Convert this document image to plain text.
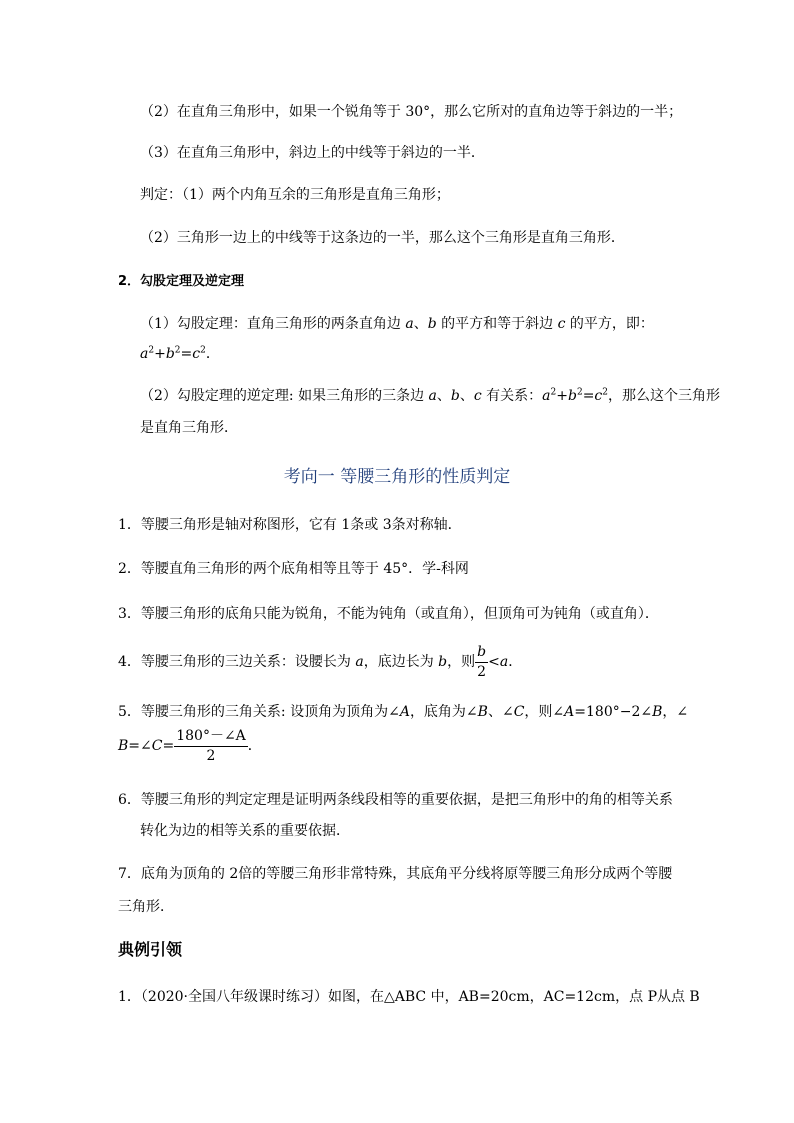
（2）在直角三角形中，如果一个锐角等于 30°，那么它所对的直角边等于斜边的一半；
（3）在直角三角形中，斜边上的中线等于斜边的一半．
判定：（1）两个内角互余的三角形是直角三角形；
（2）三角形一边上的中线等于这条边的一半，那么这个三角形是直角三角形．
2．勾股定理及逆定理
（1）勾股定理：直角三角形的两条直角边 a、b 的平方和等于斜边 c 的平方，即：
$a^2+b^2=c^2$．
（2）勾股定理的逆定理: 如果三角形的三条边 a、b、c 有关系：$a^2+b^2=c^2$，那么这个三角形
是直角三角形．
考向一 等腰三角形的性质判定
1．等腰三角形是轴对称图形，它有 1条或 3条对称轴．
2．等腰直角三角形的两个底角相等且等于 45°．学-科网
3．等腰三角形的底角只能为锐角，不能为钝角（或直角），但顶角可为钝角（或直角）．
4．等腰三角形的三边关系：设腰长为 a，底边长为 b，则 $\frac{b}{2} <a$．
5．等腰三角形的三角关系: 设顶角为顶角为∠A，底角为∠B、∠C，则∠A=180°−2∠B，∠
B=∠C= $\frac{180^\circ-\angle A}{2}$ ．
6．等腰三角形的判定定理是证明两条线段相等的重要依据，是把三角形中的角的相等关系
转化为边的相等关系的重要依据．
7．底角为顶角的 2倍的等腰三角形非常特殊，其底角平分线将原等腰三角形分成两个等腰
三角形．
典例引领
1．（2020·全国八年级课时练习）如图，在△ABC 中，AB=20cm，AC=12cm，点 P从点 B
